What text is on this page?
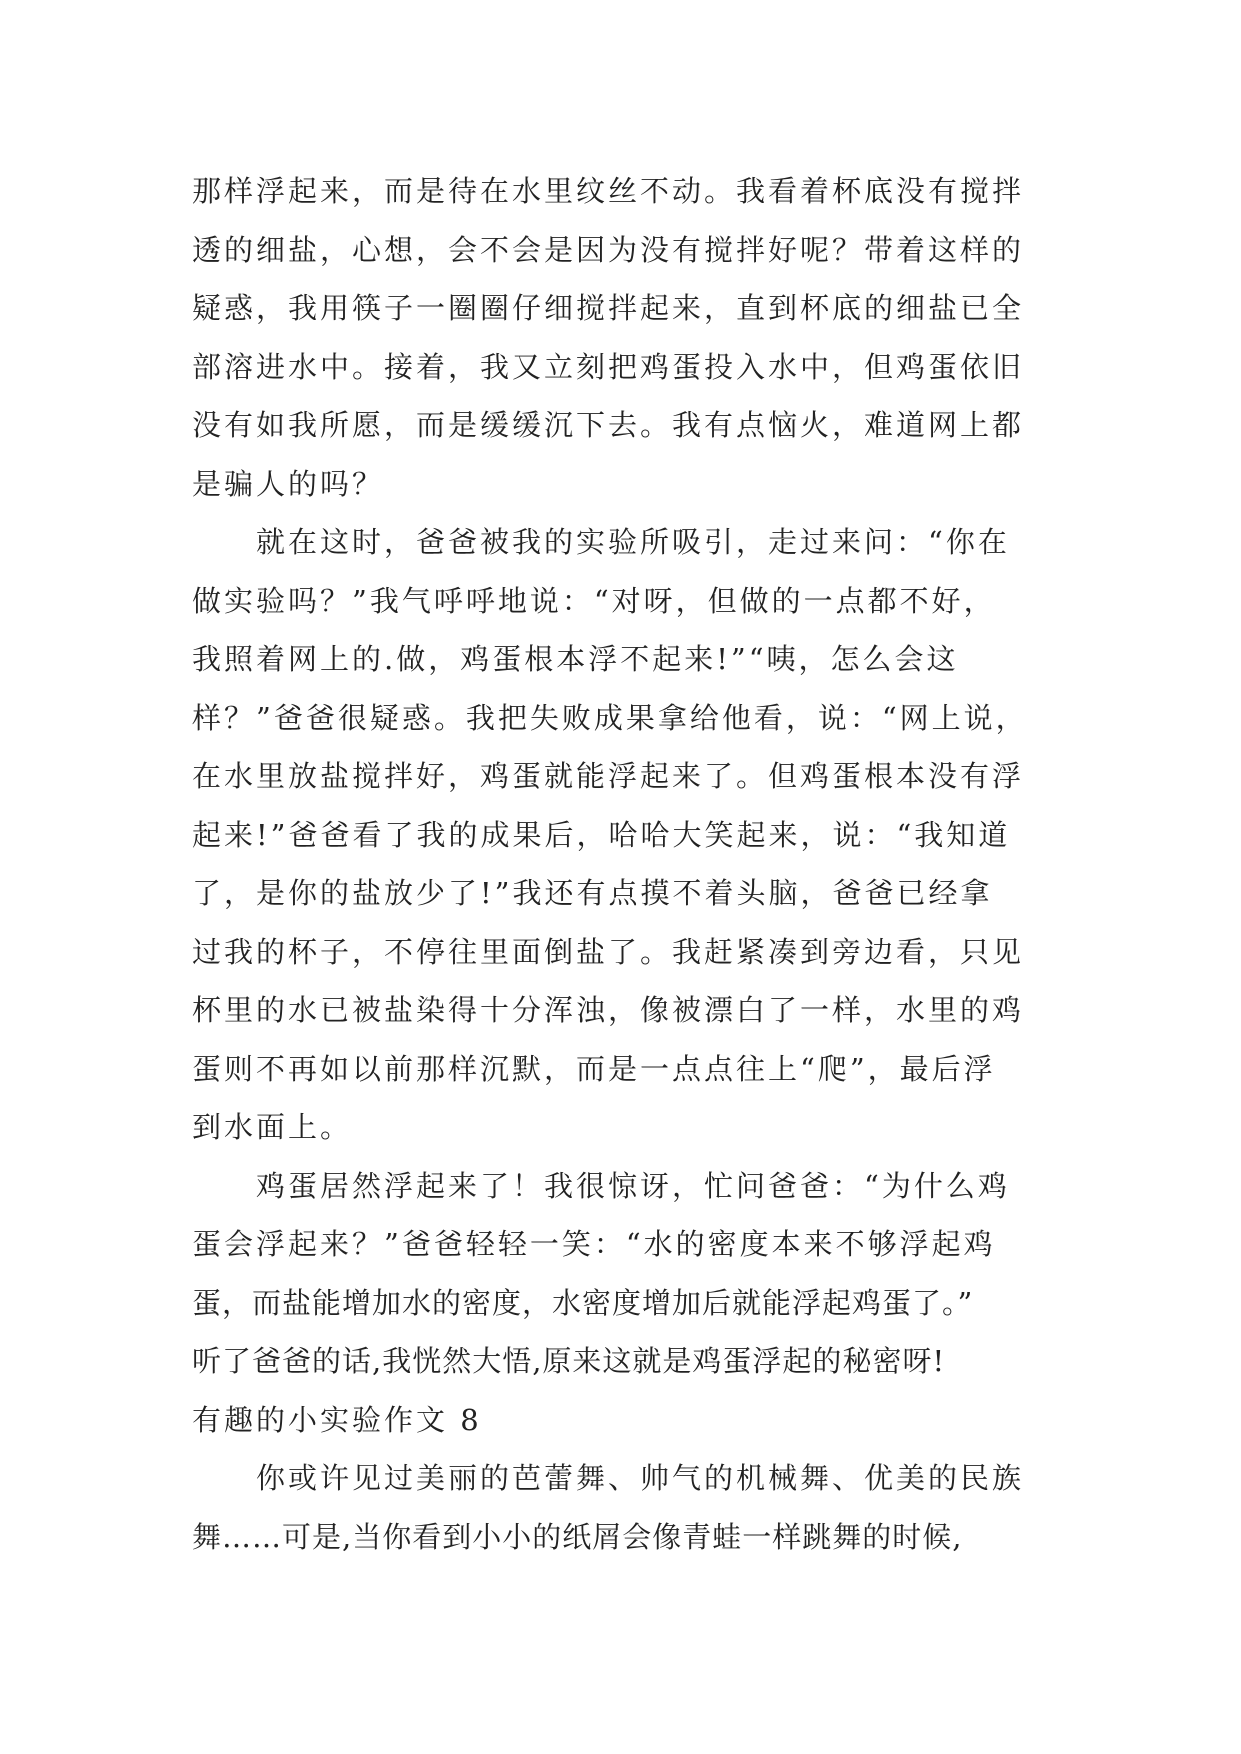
那样浮起来，而是待在水里纹丝不动。我看着杯底没有搅拌
透的细盐，心想，会不会是因为没有搅拌好呢？带着这样的
疑惑，我用筷子一圈圈仔细搅拌起来，直到杯底的细盐已全
部溶进水中。接着，我又立刻把鸡蛋投入水中，但鸡蛋依旧
没有如我所愿，而是缓缓沉下去。我有点恼火，难道网上都
是骗人的吗？
就在这时，爸爸被我的实验所吸引，走过来问：“你在
做实验吗？”我气呼呼地说：“对呀，但做的一点都不好，
我照着网上的.做，鸡蛋根本浮不起来!”“咦，怎么会这
样？”爸爸很疑惑。我把失败成果拿给他看，说：“网上说，
在水里放盐搅拌好，鸡蛋就能浮起来了。但鸡蛋根本没有浮
起来!”爸爸看了我的成果后，哈哈大笑起来，说：“我知道
了，是你的盐放少了!”我还有点摸不着头脑，爸爸已经拿
过我的杯子，不停往里面倒盐了。我赶紧凑到旁边看，只见
杯里的水已被盐染得十分浑浊，像被漂白了一样，水里的鸡
蛋则不再如以前那样沉默，而是一点点往上“爬”，最后浮
到水面上。
鸡蛋居然浮起来了！我很惊讶，忙问爸爸：“为什么鸡
蛋会浮起来？”爸爸轻轻一笑：“水的密度本来不够浮起鸡
蛋，而盐能增加水的密度，水密度增加后就能浮起鸡蛋了。”
听了爸爸的话,我恍然大悟,原来这就是鸡蛋浮起的秘密呀!
有趣的小实验作文 8
你或许见过美丽的芭蕾舞、帅气的机械舞、优美的民族
舞……可是,当你看到小小的纸屑会像青蛙一样跳舞的时候,
